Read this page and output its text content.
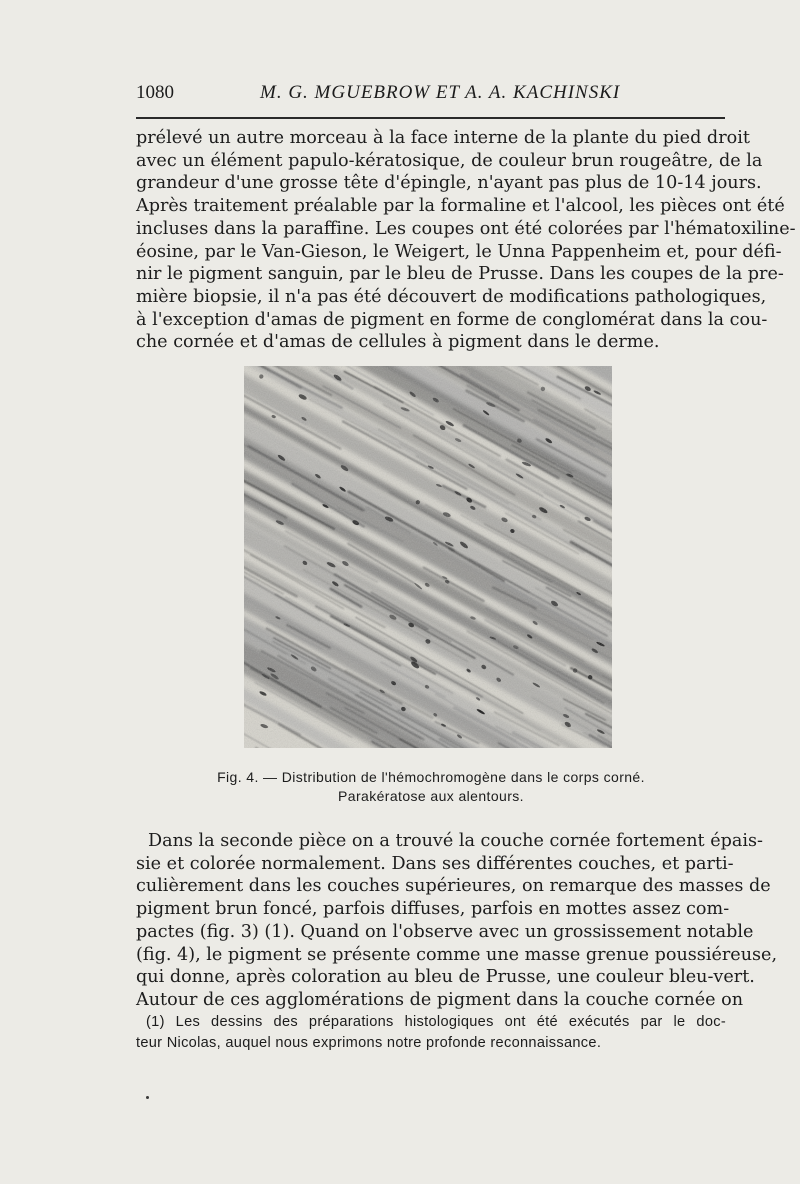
1080	M. G. MGUEBROW ET A. A. KACHINSKI
prélevé un autre morceau à la face interne de la plante du pied droit
avec un élément papulo-kératosique, de couleur brun rougeâtre, de la
grandeur d'une grosse tête d'épingle, n'ayant pas plus de 10-14 jours.
Après traitement préalable par la formaline et l'alcool, les pièces ont été
incluses dans la paraffine. Les coupes ont été colorées par l'hématoxiline-
éosine, par le Van-Gieson, le Weigert, le Unna Pappenheim et, pour défi-
nir le pigment sanguin, par le bleu de Prusse. Dans les coupes de la pre-
mière biopsie, il n'a pas été découvert de modifications pathologiques,
à l'exception d'amas de pigment en forme de conglomérat dans la cou-
che cornée et d'amas de cellules à pigment dans le derme.
Fig. 4. — Distribution de l'hémochromogène dans le corps corné.
Parakératose aux alentours.
Dans la seconde pièce on a trouvé la couche cornée fortement épais-
sie et colorée normalement. Dans ses différentes couches, et parti-
culièrement dans les couches supérieures, on remarque des masses de
pigment brun foncé, parfois diffuses, parfois en mottes assez com-
pactes (fig. 3) (1). Quand on l'observe avec un grossissement notable
(fig. 4), le pigment se présente comme une masse grenue poussiéreuse,
qui donne, après coloration au bleu de Prusse, une couleur bleu-vert.
Autour de ces agglomérations de pigment dans la couche cornée on
(1) Les dessins des préparations histologiques ont été exécutés par le doc-
teur Nicolas, auquel nous exprimons notre profonde reconnaissance.
